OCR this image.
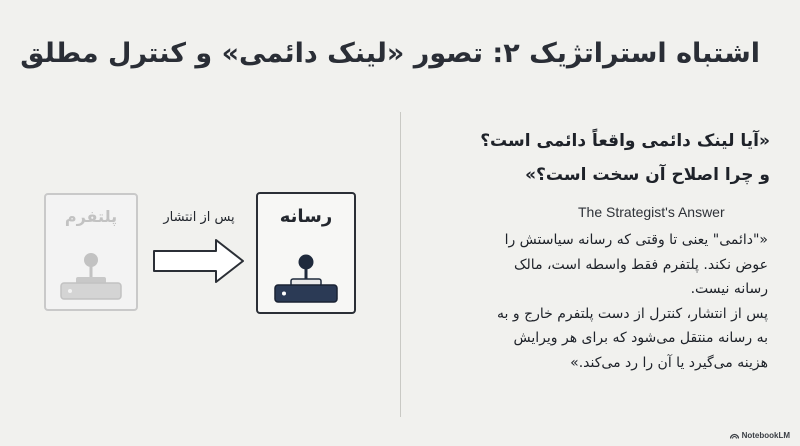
اشتباه استراتژیک ۲: تصور «لینک دائمی» و کنترل مطلق
پلتفرم	پس از انتشار	رسانه
«آیا لینک دائمی واقعاً دائمی است؟
و چرا اصلاح آن سخت است؟»
The Strategist's Answer
«"دائمی" یعنی تا وقتی که رسانه سیاستش را
عوض نکند. پلتفرم فقط واسطه است، مالک
رسانه نیست.
پس از انتشار، کنترل از دست پلتفرم خارج و به
به رسانه منتقل می‌شود که برای هر ویرایش
هزینه می‌گیرد یا آن را رد می‌کند.»
NotebookLM
